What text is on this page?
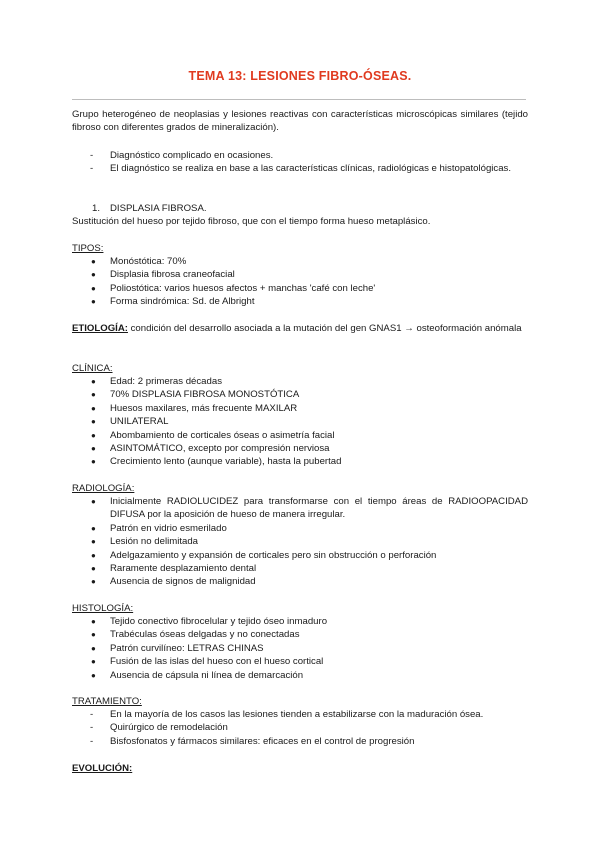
TEMA 13: LESIONES FIBRO-ÓSEAS.
Grupo heterogéneo de neoplasias y lesiones reactivas con características microscópicas similares (tejido fibroso con diferentes grados de mineralización).
- Diagnóstico complicado en ocasiones.
- El diagnóstico se realiza en base a las características clínicas, radiológicas e histopatológicas.
1. DISPLASIA FIBROSA.
Sustitución del hueso por tejido fibroso, que con el tiempo forma hueso metaplásico.
TIPOS:
● Monóstótica: 70%
● Displasia fibrosa craneofacial
● Poliostótica: varios huesos afectos + manchas 'café con leche'
● Forma sindrómica: Sd. de Albright
ETIOLOGÍA: condición del desarrollo asociada a la mutación del gen GNAS1 → osteoformación anómala
CLÍNICA:
● Edad: 2 primeras décadas
● 70% DISPLASIA FIBROSA MONOSTÓTICA
● Huesos maxilares, más frecuente MAXILAR
● UNILATERAL
● Abombamiento de corticales óseas o asimetría facial
● ASINTOMÁTICO, excepto por compresión nerviosa
● Crecimiento lento (aunque variable), hasta la pubertad
RADIOLOGÍA:
● Inicialmente RADIOLUCIDEZ para transformarse con el tiempo áreas de RADIOOPACIDAD DIFUSA por la aposición de hueso de manera irregular.
● Patrón en vidrio esmerilado
● Lesión no delimitada
● Adelgazamiento y expansión de corticales pero sin obstrucción o perforación
● Raramente desplazamiento dental
● Ausencia de signos de malignidad
HISTOLOGÍA:
● Tejido conectivo fibrocelular y tejido óseo inmaduro
● Trabéculas óseas delgadas y no conectadas
● Patrón curvilíneo: LETRAS CHINAS
● Fusión de las islas del hueso con el hueso cortical
● Ausencia de cápsula ni línea de demarcación
TRATAMIENTO:
- En la mayoría de los casos las lesiones tienden a estabilizarse con la maduración ósea.
- Quirúrgico de remodelación
- Bisfosfonatos y fármacos similares: eficaces en el control de progresión
EVOLUCIÓN:
